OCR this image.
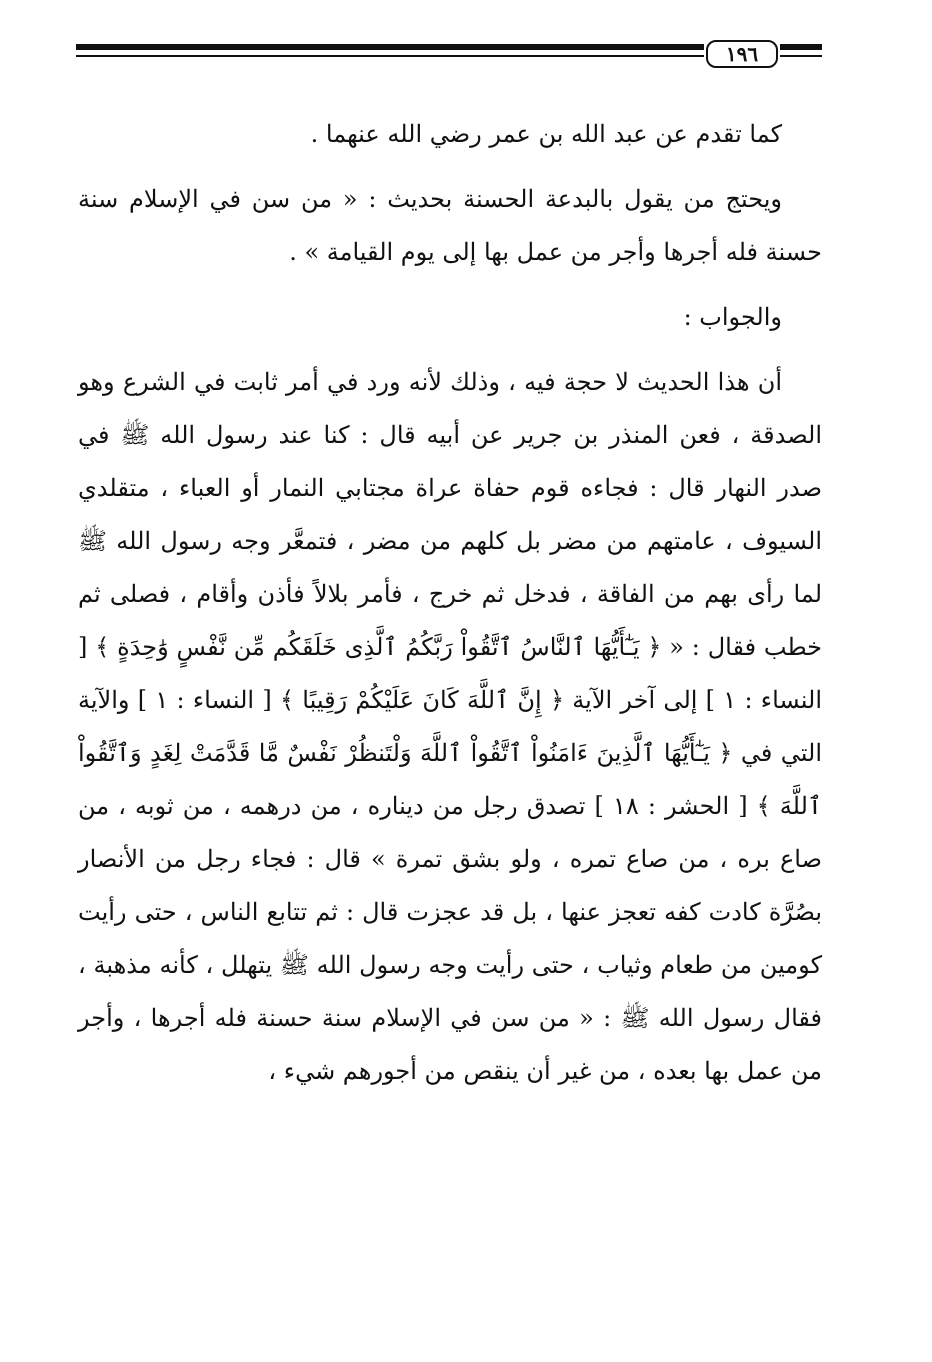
١٩٦

كما تقدم عن عبد الله بن عمر رضي الله عنهما .

ويحتج من يقول بالبدعة الحسنة بحديث : « من سن في الإسلام سنة حسنة فله أجرها وأجر من عمل بها إلى يوم القيامة » .

والجواب :

أن هذا الحديث لا حجة فيه ، وذلك لأنه ورد في أمر ثابت في الشرع وهو الصدقة ، فعن المنذر بن جرير عن أبيه قال : كنا عند رسول الله ﷺ في صدر النهار قال : فجاءه قوم حفاة عراة مجتابي النمار أو العباء ، متقلدي السيوف ، عامتهم من مضر بل كلهم من مضر ، فتمعَّر وجه رسول الله ﷺ لما رأى بهم من الفاقة ، فدخل ثم خرج ، فأمر بلالاً فأذن وأقام ، فصلى ثم خطب فقال : « ﴿ يَـٰٓأَيُّهَا ٱلنَّاسُ ٱتَّقُواْ رَبَّكُمُ ٱلَّذِى خَلَقَكُم مِّن نَّفْسٍ وَٰحِدَةٍ ﴾ [ النساء : ١ ] إلى آخر الآية ﴿ إِنَّ ٱللَّهَ كَانَ عَلَيْكُمْ رَقِيبًا ﴾ [ النساء : ١ ] والآية التي في ﴿ يَـٰٓأَيُّهَا ٱلَّذِينَ ءَامَنُواْ ٱتَّقُواْ ٱللَّهَ وَلْتَنظُرْ نَفْسٌ مَّا قَدَّمَتْ لِغَدٍ وَٱتَّقُواْ ٱللَّهَ ﴾ [ الحشر : ١٨ ] تصدق رجل من ديناره ، من درهمه ، من ثوبه ، من صاع بره ، من صاع تمره ، ولو بشق تمرة » قال : فجاء رجل من الأنصار بصُرَّة كادت كفه تعجز عنها ، بل قد عجزت قال : ثم تتابع الناس ، حتى رأيت كومين من طعام وثياب ، حتى رأيت وجه رسول الله ﷺ يتهلل ، كأنه مذهبة ، فقال رسول الله ﷺ : « من سن في الإسلام سنة حسنة فله أجرها ، وأجر من عمل بها بعده ، من غير أن ينقص من أجورهم شيء ،
